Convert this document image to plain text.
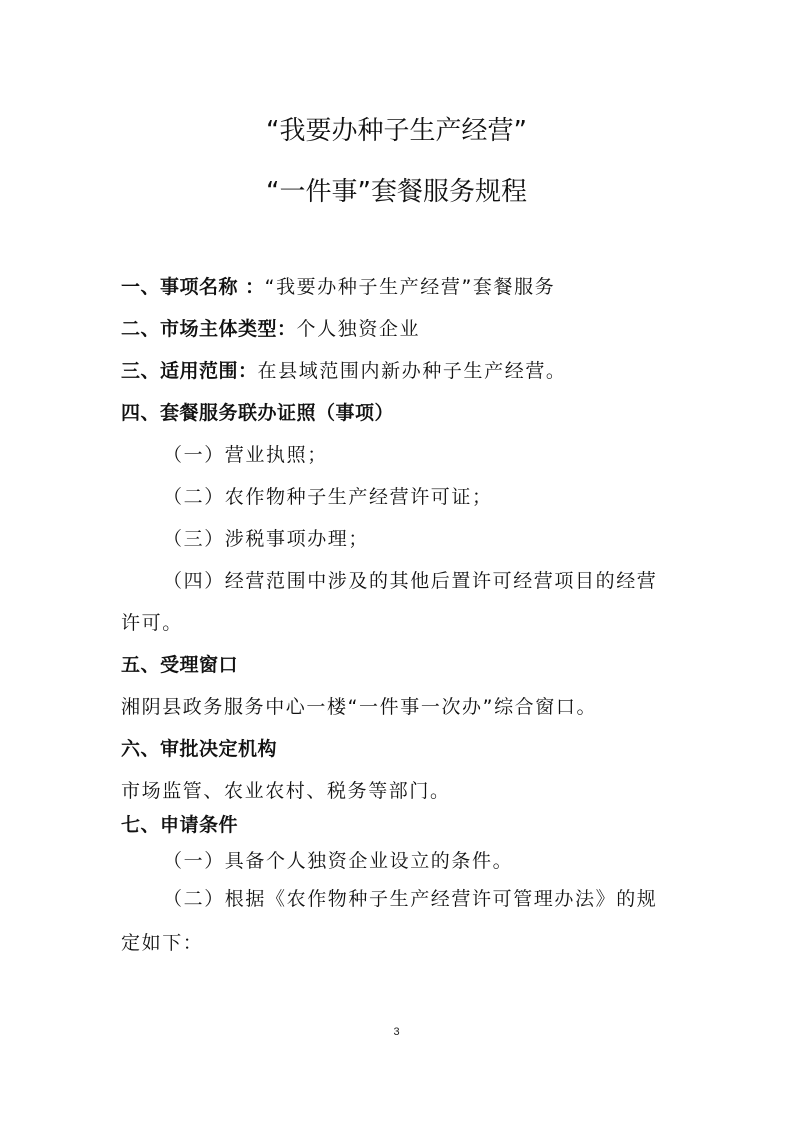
“我要办种子生产经营”
“一件事”套餐服务规程
一、事项名称 ：“我要办种子生产经营”套餐服务
二、市场主体类型：个人独资企业
三、适用范围：在县域范围内新办种子生产经营。
四、套餐服务联办证照（事项）
（一）营业执照；
（二）农作物种子生产经营许可证；
（三）涉税事项办理；
（四）经营范围中涉及的其他后置许可经营项目的经营
许可。
五、受理窗口
湘阴县政务服务中心一楼“一件事一次办”综合窗口。
六、审批决定机构
市场监管、农业农村、税务等部门。
七、申请条件
（一）具备个人独资企业设立的条件。
（二）根据《农作物种子生产经营许可管理办法》的规
定如下：
3
